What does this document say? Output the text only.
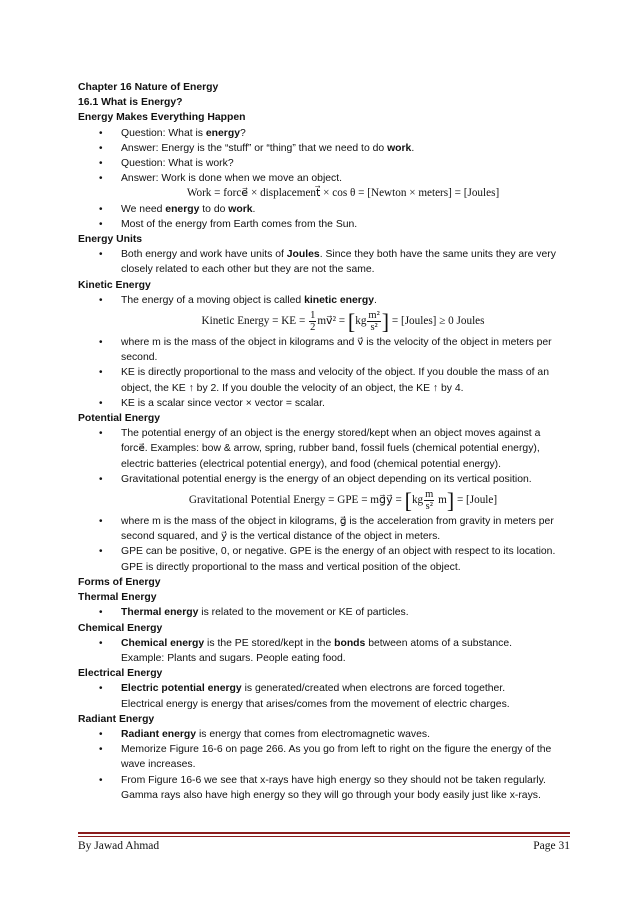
Chapter 16 Nature of Energy
16.1 What is Energy?
Energy Makes Everything Happen
• Question: What is energy?
• Answer: Energy is the “stuff” or “thing” that we need to do work.
• Question: What is work?
• Answer: Work is done when we move an object.
Work = force⃗ × displacement⃗ × cos θ = [Newton × meters] = [Joules]
• We need energy to do work.
• Most of the energy from Earth comes from the Sun.
Energy Units
• Both energy and work have units of Joules. Since they both have the same units they are very closely related to each other but they are not the same.
Kinetic Energy
• The energy of a moving object is called kinetic energy.
Kinetic Energy = KE = $\frac{1}{2}$ mv⃗² = [$kg \frac{\text{m²}}{\text{s²}}$ ] = [Joules] ≥ 0 Joules
• where m is the mass of the object in kilograms and v⃗ is the velocity of the object in meters per second.
• KE is directly proportional to the mass and velocity of the object. If you double the mass of an object, the KE ↑ by 2. If you double the velocity of an object, the KE ↑ by 4.
• KE is a scalar since vector × vector = scalar.
Potential Energy
• The potential energy of an object is the energy stored/kept when an object moves against a force⃗. Examples: bow & arrow, spring, rubber band, fossil fuels (chemical potential energy), electric batteries (electrical potential energy), and food (chemical potential energy).
• Gravitational potential energy is the energy of an object depending on its vertical position.
Gravitational Potential Energy = GPE = mg⃗y⃗ = $[kg \frac{m}{\text{s²}} m]$ = [Joule]
• where m is the mass of the object in kilograms, g⃗ is the acceleration from gravity in meters per second squared, and y⃗ is the vertical distance of the object in meters.
• GPE can be positive, 0, or negative. GPE is the energy of an object with respect to its location. GPE is directly proportional to the mass and vertical position of the object.
Forms of Energy
Thermal Energy
• Thermal energy is related to the movement or KE of particles.
Chemical Energy
• Chemical energy is the PE stored/kept in the bonds between atoms of a substance.
Example: Plants and sugars. People eating food.
Electrical Energy
• Electric potential energy is generated/created when electrons are forced together.
Electrical energy is energy that arises/comes from the movement of electric charges.
Radiant Energy
• Radiant energy is energy that comes from electromagnetic waves.
• Memorize Figure 16-6 on page 266. As you go from left to right on the figure the energy of the wave increases.
• From Figure 16-6 we see that x-rays have high energy so they should not be taken regularly. Gamma rays also have high energy so they will go through your body easily just like x-rays.
By Jawad Ahmad	Page 31
